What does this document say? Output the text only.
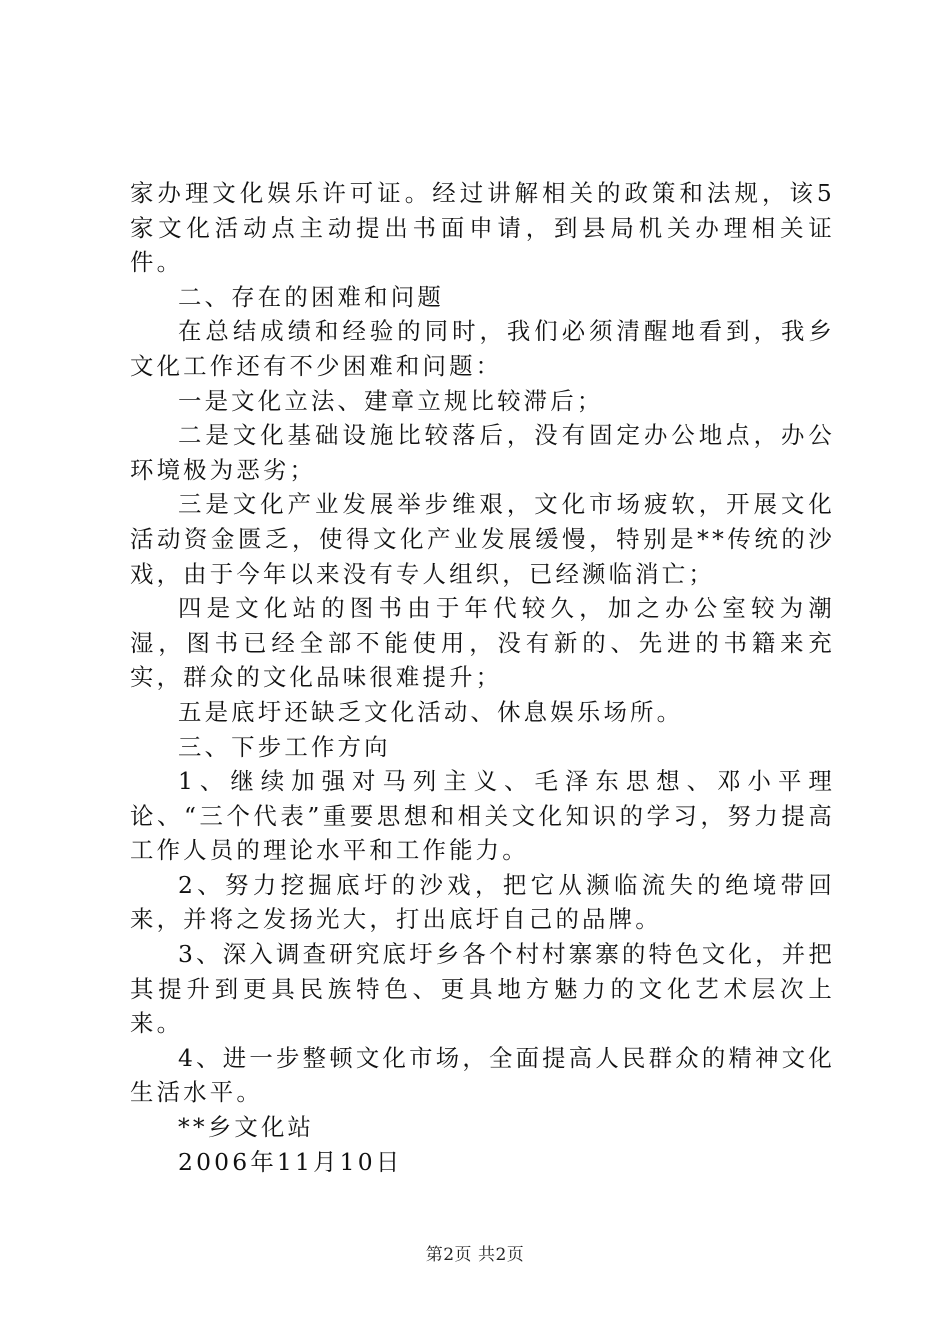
家办理文化娱乐许可证。经过讲解相关的政策和法规，该5家文化活动点主动提出书面申请，到县局机关办理相关证件。

二、存在的困难和问题

在总结成绩和经验的同时，我们必须清醒地看到，我乡文化工作还有不少困难和问题：

一是文化立法、建章立规比较滞后；

二是文化基础设施比较落后，没有固定办公地点，办公环境极为恶劣；

三是文化产业发展举步维艰，文化市场疲软，开展文化活动资金匮乏，使得文化产业发展缓慢，特别是**传统的沙戏，由于今年以来没有专人组织，已经濒临消亡；

四是文化站的图书由于年代较久，加之办公室较为潮湿，图书已经全部不能使用，没有新的、先进的书籍来充实，群众的文化品味很难提升；

五是底圩还缺乏文化活动、休息娱乐场所。

三、下步工作方向

1、继续加强对马列主义、毛泽东思想、邓小平理论、“三个代表”重要思想和相关文化知识的学习，努力提高工作人员的理论水平和工作能力。

2、努力挖掘底圩的沙戏，把它从濒临流失的绝境带回来，并将之发扬光大，打出底圩自己的品牌。

3、深入调查研究底圩乡各个村村寨寨的特色文化，并把其提升到更具民族特色、更具地方魅力的文化艺术层次上来。

4、进一步整顿文化市场，全面提高人民群众的精神文化生活水平。

**乡文化站

2006年11月10日

第2页 共2页
